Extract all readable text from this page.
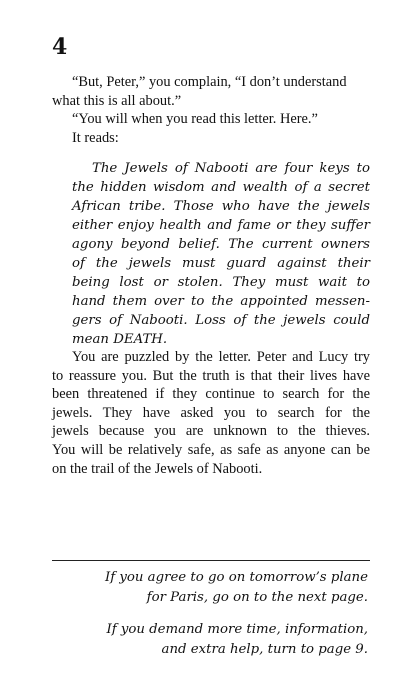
4
“But, Peter,” you complain, “I don’t understand
what this is all about.”
“You will when you read this letter. Here.”
It reads:
The Jewels of Nabooti are four keys to
the hidden wisdom and wealth of a secret
African tribe. Those who have the jewels
either enjoy health and fame or they suffer
agony beyond belief. The current owners
of the jewels must guard against their
being lost or stolen. They must wait to
hand them over to the appointed messen-
gers of Nabooti. Loss of the jewels could
mean DEATH.
You are puzzled by the letter. Peter and Lucy try
to reassure you. But the truth is that their lives have
been threatened if they continue to search for the
jewels. They have asked you to search for the
jewels because you are unknown to the thieves.
You will be relatively safe, as safe as anyone can be
on the trail of the Jewels of Nabooti.

If you agree to go on tomorrow’s plane
for Paris, go on to the next page.

If you demand more time, information,
and extra help, turn to page 9.
